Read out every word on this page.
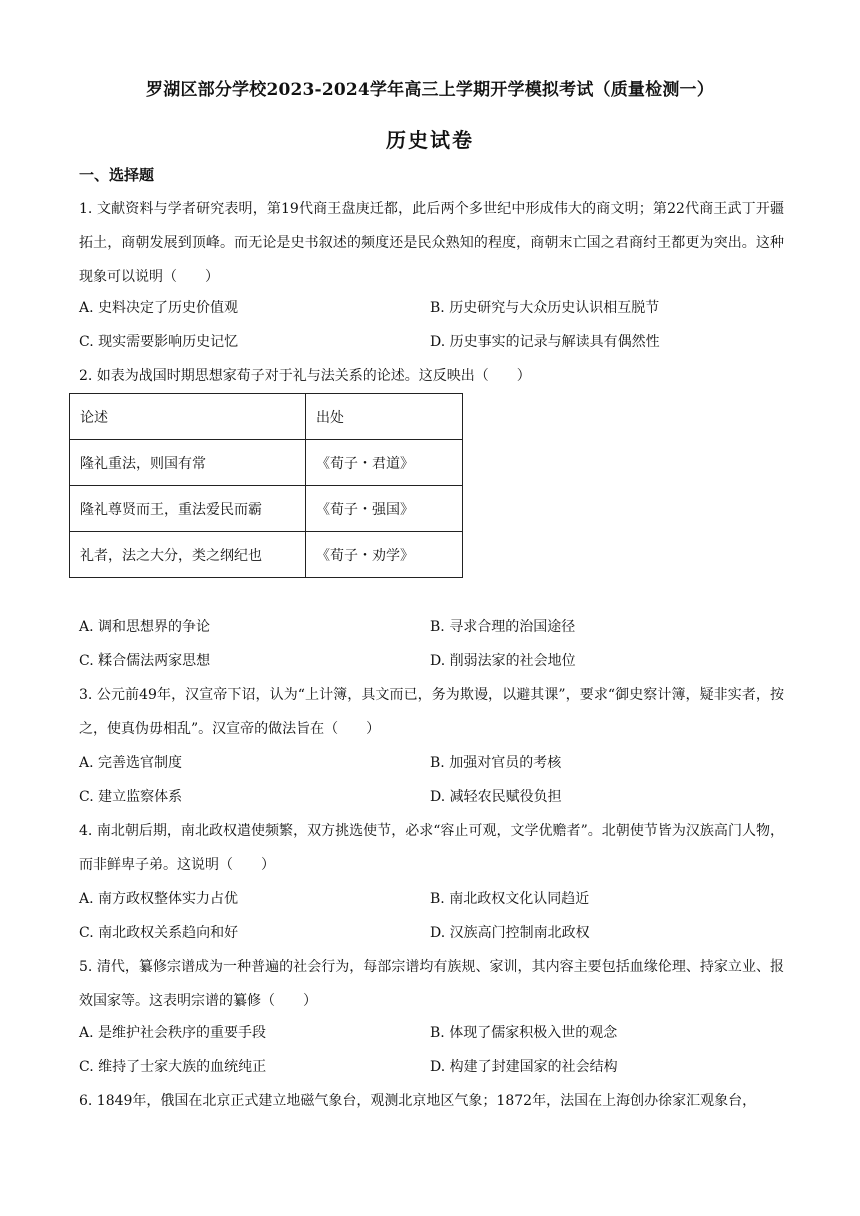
罗湖区部分学校2023-2024学年高三上学期开学模拟考试（质量检测一）
历史试卷
一、选择题
1. 文献资料与学者研究表明，第19代商王盘庚迁都，此后两个多世纪中形成伟大的商文明；第22代商王武丁开疆拓土，商朝发展到顶峰。而无论是史书叙述的频度还是民众熟知的程度，商朝末亡国之君商纣王都更为突出。这种现象可以说明（　　）
A. 史料决定了历史价值观	B. 历史研究与大众历史认识相互脱节
C. 现实需要影响历史记忆	D. 历史事实的记录与解读具有偶然性
2. 如表为战国时期思想家荀子对于礼与法关系的论述。这反映出（　　）
论述	出处
隆礼重法，则国有常	《荀子・君道》
隆礼尊贤而王，重法爱民而霸	《荀子・强国》
礼者，法之大分，类之纲纪也	《荀子・劝学》
A. 调和思想界的争论	B. 寻求合理的治国途径
C. 糅合儒法两家思想	D. 削弱法家的社会地位
3. 公元前49年，汉宣帝下诏，认为“上计簿，具文而已，务为欺谩，以避其课”，要求“御史察计簿，疑非实者，按之，使真伪毋相乱”。汉宣帝的做法旨在（　　）
A. 完善选官制度	B. 加强对官员的考核
C. 建立监察体系	D. 减轻农民赋役负担
4. 南北朝后期，南北政权遣使频繁，双方挑选使节，必求“容止可观，文学优赡者”。北朝使节皆为汉族高门人物，而非鲜卑子弟。这说明（　　）
A. 南方政权整体实力占优	B. 南北政权文化认同趋近
C. 南北政权关系趋向和好	D. 汉族高门控制南北政权
5. 清代，纂修宗谱成为一种普遍的社会行为，每部宗谱均有族规、家训，其内容主要包括血缘伦理、持家立业、报效国家等。这表明宗谱的纂修（　　）
A. 是维护社会秩序的重要手段	B. 体现了儒家积极入世的观念
C. 维持了士家大族的血统纯正	D. 构建了封建国家的社会结构
6. 1849年，俄国在北京正式建立地磁气象台，观测北京地区气象；1872年，法国在上海创办徐家汇观象台，
